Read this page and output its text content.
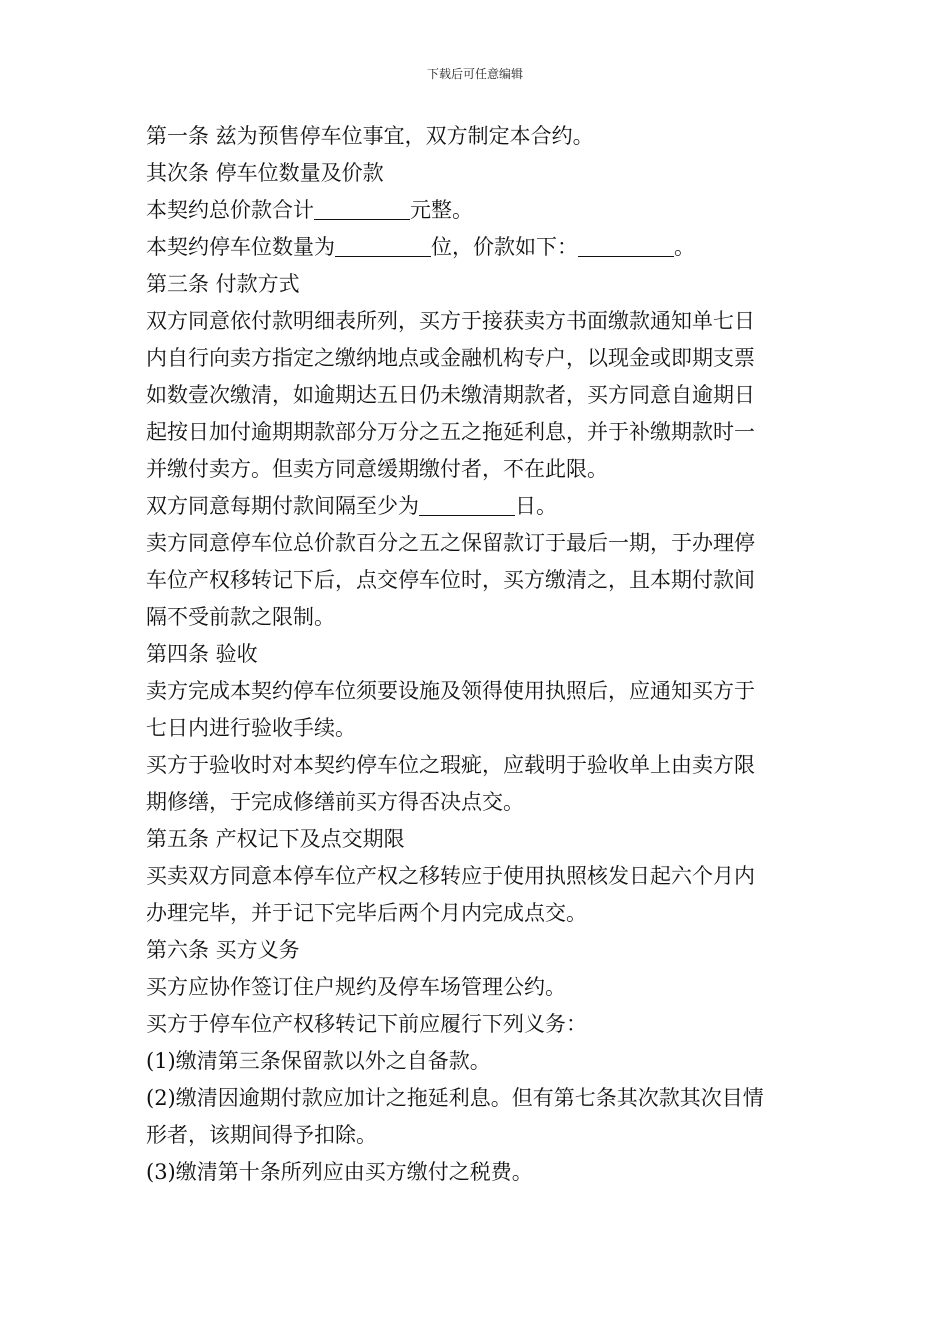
下载后可任意编辑
第一条 兹为预售停车位事宜，双方制定本合约。
其次条 停车位数量及价款
本契约总价款合计	元整。
本契约停车位数量为	位，价款如下：	。
第三条 付款方式
双方同意依付款明细表所列，买方于接获卖方书面缴款通知单七日
内自行向卖方指定之缴纳地点或金融机构专户，以现金或即期支票
如数壹次缴清，如逾期达五日仍未缴清期款者，买方同意自逾期日
起按日加付逾期期款部分万分之五之拖延利息，并于补缴期款时一
并缴付卖方。但卖方同意缓期缴付者，不在此限。
双方同意每期付款间隔至少为	日。
卖方同意停车位总价款百分之五之保留款订于最后一期，于办理停
车位产权移转记下后，点交停车位时，买方缴清之，且本期付款间
隔不受前款之限制。
第四条 验收
卖方完成本契约停车位须要设施及领得使用执照后，应通知买方于
七日内进行验收手续。
买方于验收时对本契约停车位之瑕疵，应载明于验收单上由卖方限
期修缮，于完成修缮前买方得否决点交。
第五条 产权记下及点交期限
买卖双方同意本停车位产权之移转应于使用执照核发日起六个月内
办理完毕，并于记下完毕后两个月内完成点交。
第六条 买方义务
买方应协作签订住户规约及停车场管理公约。
买方于停车位产权移转记下前应履行下列义务：
(1)缴清第三条保留款以外之自备款。
(2)缴清因逾期付款应加计之拖延利息。但有第七条其次款其次目情
形者，该期间得予扣除。
(3)缴清第十条所列应由买方缴付之税费。
